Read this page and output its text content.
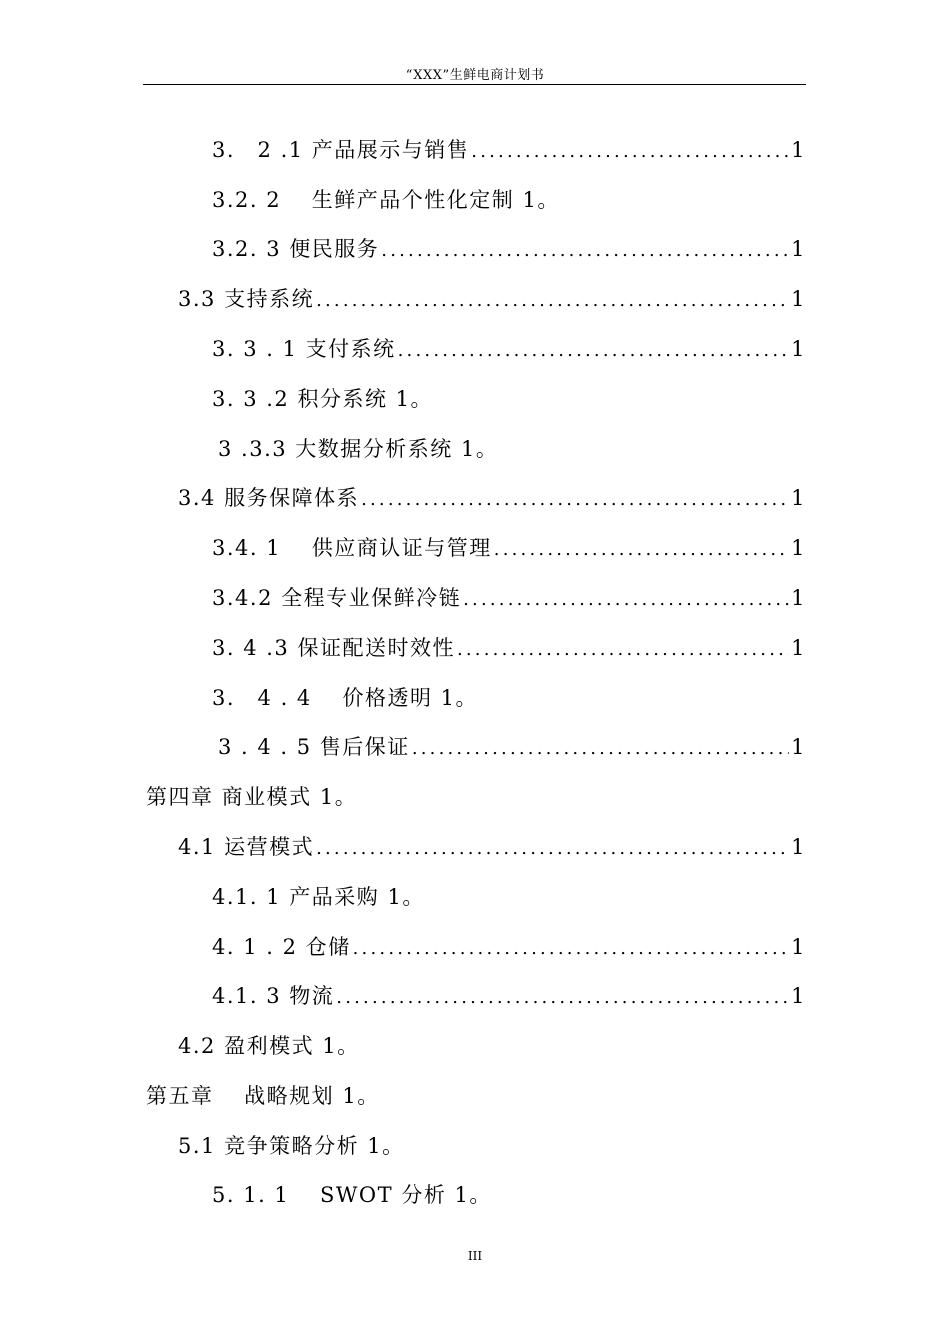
“XXX”生鲜电商计划书
3.　2 .1 产品展示与销售 .....	1
3.2. 2　 生鲜产品个性化定制 1。
3.2. 3 便民服务 .....	1
3.3 支持系统 .....	1
3. 3 . 1 支付系统 .....	1
3. 3 .2 积分系统 1。
3 .3.3 大数据分析系统 1。
3.4 服务保障体系 .....	1
3.4. 1　 供应商认证与管理 .....	1
3.4.2 全程专业保鲜冷链 .....	1
3. 4 .3 保证配送时效性 .....	1
3.　4 . 4　 价格透明 1。
3 . 4 . 5 售后保证 .....	1
第四章 商业模式 1。
4.1 运营模式 .....	1
4.1. 1 产品采购 1。
4. 1 . 2 仓储 .....	1
4.1. 3 物流 .....	1
4.2 盈利模式 1。
第五章　 战略规划 1。
5.1 竞争策略分析 1。
5. 1. 1　 SWOT 分析 1。
III
